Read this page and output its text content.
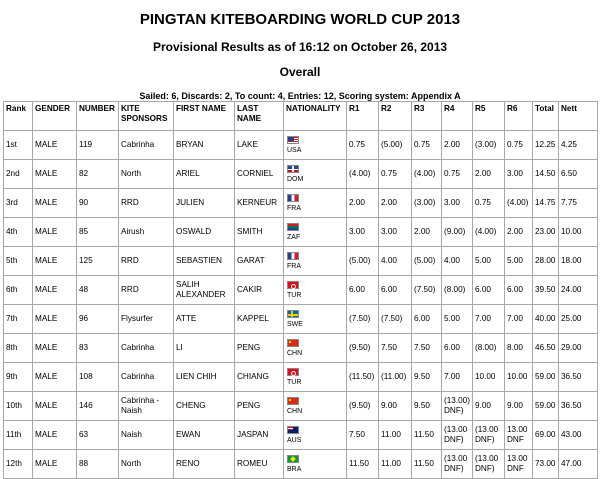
PINGTAN KITEBOARDING WORLD CUP 2013
Provisional Results as of 16:12 on October 26, 2013
Overall

Sailed: 6, Discards: 2, To count: 4, Entries: 12, Scoring system: Appendix A

Rank	GENDER	NUMBER	KITE SPONSORS	FIRST NAME	LAST NAME	NATIONALITY	R1	R2	R3	R4	R5	R6	Total	Nett
1st	MALE	119	Cabrinha	BRYAN	LAKE	USA	0.75	(5.00)	0.75	2.00	(3.00)	0.75	12.25	4.25
2nd	MALE	82	North	ARIEL	CORNIEL	DOM	(4.00)	0.75	(4.00)	0.75	2.00	3.00	14.50	6.50
3rd	MALE	90	RRD	JULIEN	KERNEUR	FRA	2.00	2.00	(3.00)	3.00	0.75	(4.00)	14.75	7.75
4th	MALE	85	Airush	OSWALD	SMITH	ZAF	3.00	3.00	2.00	(9.00)	(4.00)	2.00	23.00	10.00
5th	MALE	125	RRD	SEBASTIEN	GARAT	FRA	(5.00)	4.00	(5.00)	4.00	5.00	5.00	28.00	18.00
6th	MALE	48	RRD	SALIH ALEXANDER	CAKIR	TUR	6.00	6.00	(7.50)	(8.00)	6.00	6.00	39.50	24.00
7th	MALE	96	Flysurfer	ATTE	KAPPEL	SWE	(7.50)	(7.50)	6.00	5.00	7.00	7.00	40.00	25.00
8th	MALE	83	Cabrinha	LI	PENG	CHN	(9.50)	7.50	7.50	6.00	(8.00)	8.00	46.50	29.00
9th	MALE	108	Cabrinha	LIEN CHIH	CHIANG	TUR	(11.50)	(11.00)	9.50	7.00	10.00	10.00	59.00	36.50
10th	MALE	146	Cabrinha - Naish	CHENG	PENG	CHN	(9.50)	9.00	9.50	(13.00) DNF)	9.00	9.00	59.00	36.50
11th	MALE	63	Naish	EWAN	JASPAN	AUS	7.50	11.00	11.50	(13.00 DNF)	(13.00 DNF)	13.00 DNF	69.00	43.00
12th	MALE	88	North	RENO	ROMEU	BRA	11.50	11.00	11.50	(13.00 DNF)	(13.00 DNF)	13.00 DNF	73.00	47.00
